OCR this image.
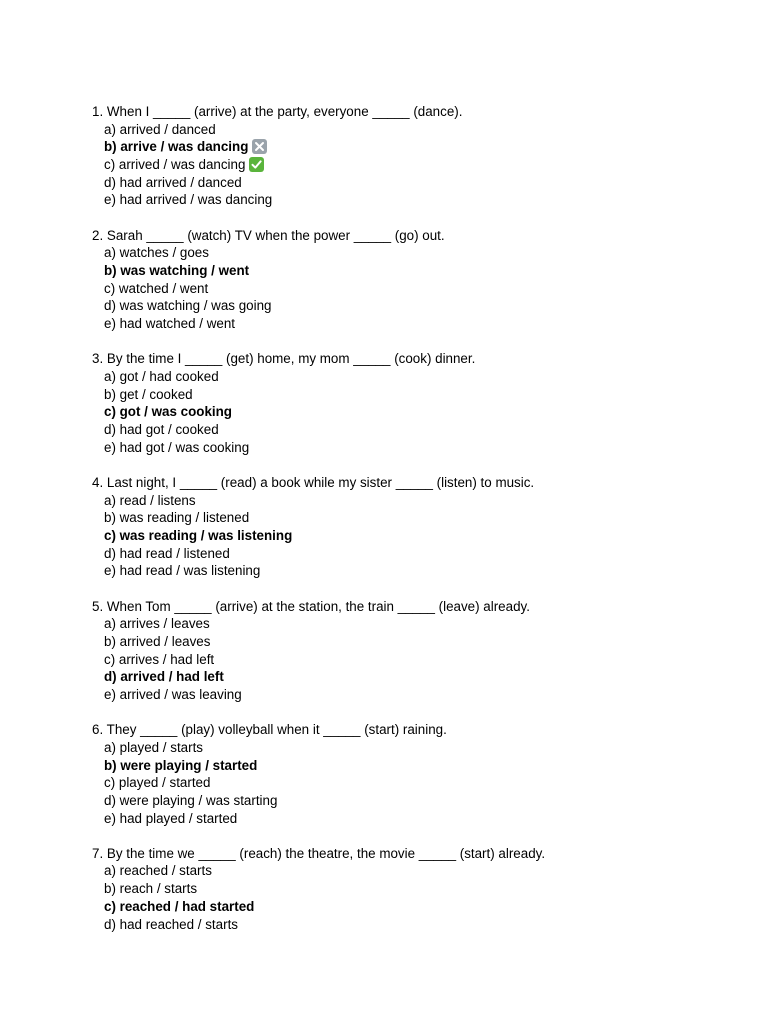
1. When I _____ (arrive) at the party, everyone _____ (dance).
a) arrived / danced
b) arrive / was dancing
c) arrived / was dancing
d) had arrived / danced
e) had arrived / was dancing
2. Sarah _____ (watch) TV when the power _____ (go) out.
a) watches / goes
b) was watching / went
c) watched / went
d) was watching / was going
e) had watched / went
3. By the time I _____ (get) home, my mom _____ (cook) dinner.
a) got / had cooked
b) get / cooked
c) got / was cooking
d) had got / cooked
e) had got / was cooking
4. Last night, I _____ (read) a book while my sister _____ (listen) to music.
a) read / listens
b) was reading / listened
c) was reading / was listening
d) had read / listened
e) had read / was listening
5. When Tom _____ (arrive) at the station, the train _____ (leave) already.
a) arrives / leaves
b) arrived / leaves
c) arrives / had left
d) arrived / had left
e) arrived / was leaving
6. They _____ (play) volleyball when it _____ (start) raining.
a) played / starts
b) were playing / started
c) played / started
d) were playing / was starting
e) had played / started
7. By the time we _____ (reach) the theatre, the movie _____ (start) already.
a) reached / starts
b) reach / starts
c) reached / had started
d) had reached / starts
